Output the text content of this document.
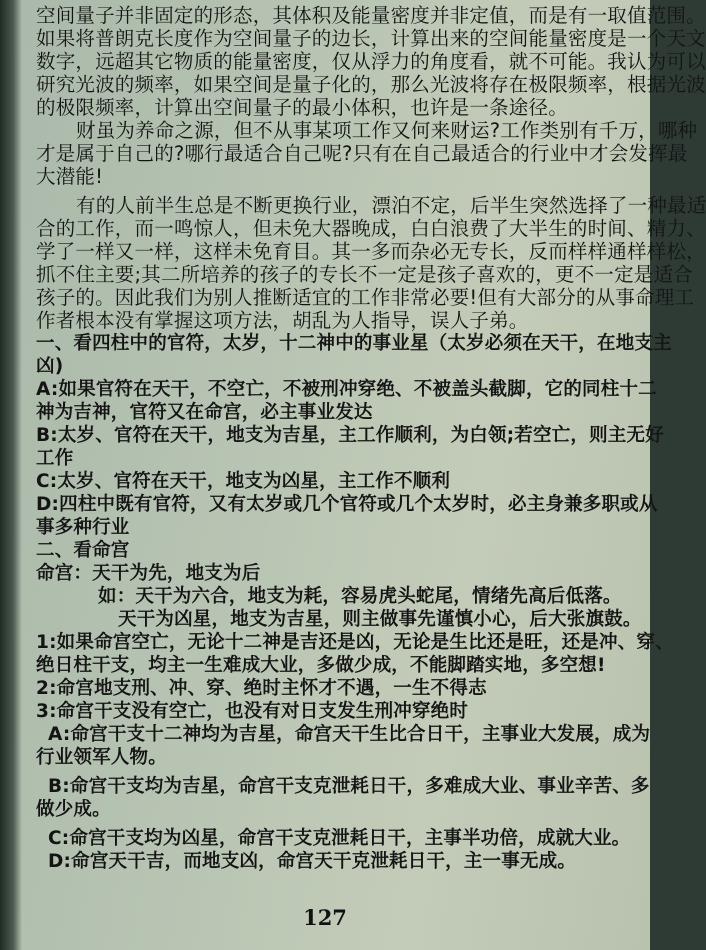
空间量子并非固定的形态，其体积及能量密度并非定值，而是有一取值范围。
如果将普朗克长度作为空间量子的边长，计算出来的空间能量密度是一个天文
数字，远超其它物质的能量密度，仅从浮力的角度看，就不可能。我认为可以
研究光波的频率，如果空间是量子化的，那么光波将存在极限频率，根据光波
的极限频率，计算出空间量子的最小体积，也许是一条途径。
财虽为养命之源，但不从事某项工作又何来财运?工作类别有千万，哪种
才是属于自己的?哪行最适合自己呢?只有在自己最适合的行业中才会发挥最
大潜能!
有的人前半生总是不断更换行业，漂泊不定，后半生突然选择了一种最适
合的工作，而一鸣惊人，但未免大器晚成，白白浪费了大半生的时间、精力、
学了一样又一样，这样未免育目。其一多而杂必无专长，反而样样通样样松，
抓不住主要;其二所培养的孩子的专长不一定是孩子喜欢的，更不一定是适合
孩子的。因此我们为别人推断适宜的工作非常必要!但有大部分的从事命理工
作者根本没有掌握这项方法，胡乱为人指导，误人子弟。
一、看四柱中的官符，太岁，十二神中的事业星（太岁必须在天干，在地支主
凶)
A:如果官符在天干，不空亡，不被刑冲穿绝、不被盖头截脚，它的同柱十二
神为吉神，官符又在命宫，必主事业发达
B:太岁、官符在天干，地支为吉星，主工作顺利，为白领;若空亡，则主无好
工作
C:太岁、官符在天干，地支为凶星，主工作不顺利
D:四柱中既有官符，又有太岁或几个官符或几个太岁时，必主身兼多职或从
事多种行业
二、看命宫
命宫：天干为先，地支为后
如：天干为六合，地支为耗，容易虎头蛇尾，情绪先高后低落。
天干为凶星，地支为吉星，则主做事先谨慎小心，后大张旗鼓。
1:如果命宫空亡，无论十二神是吉还是凶，无论是生比还是旺，还是冲、穿、
绝日柱干支，均主一生难成大业，多做少成，不能脚踏实地，多空想!
2:命宫地支刑、冲、穿、绝时主怀才不遇，一生不得志
3:命宫干支没有空亡，也没有对日支发生刑冲穿绝时
A:命宫干支十二神均为吉星，命宫天干生比合日干，主事业大发展，成为
行业领军人物。
B:命宫干支均为吉星，命宫干支克泄耗日干，多难成大业、事业辛苦、多
做少成。
C:命宫干支均为凶星，命宫干支克泄耗日干，主事半功倍，成就大业。
D:命宫天干吉，而地支凶，命宫天干克泄耗日干，主一事无成。
127
